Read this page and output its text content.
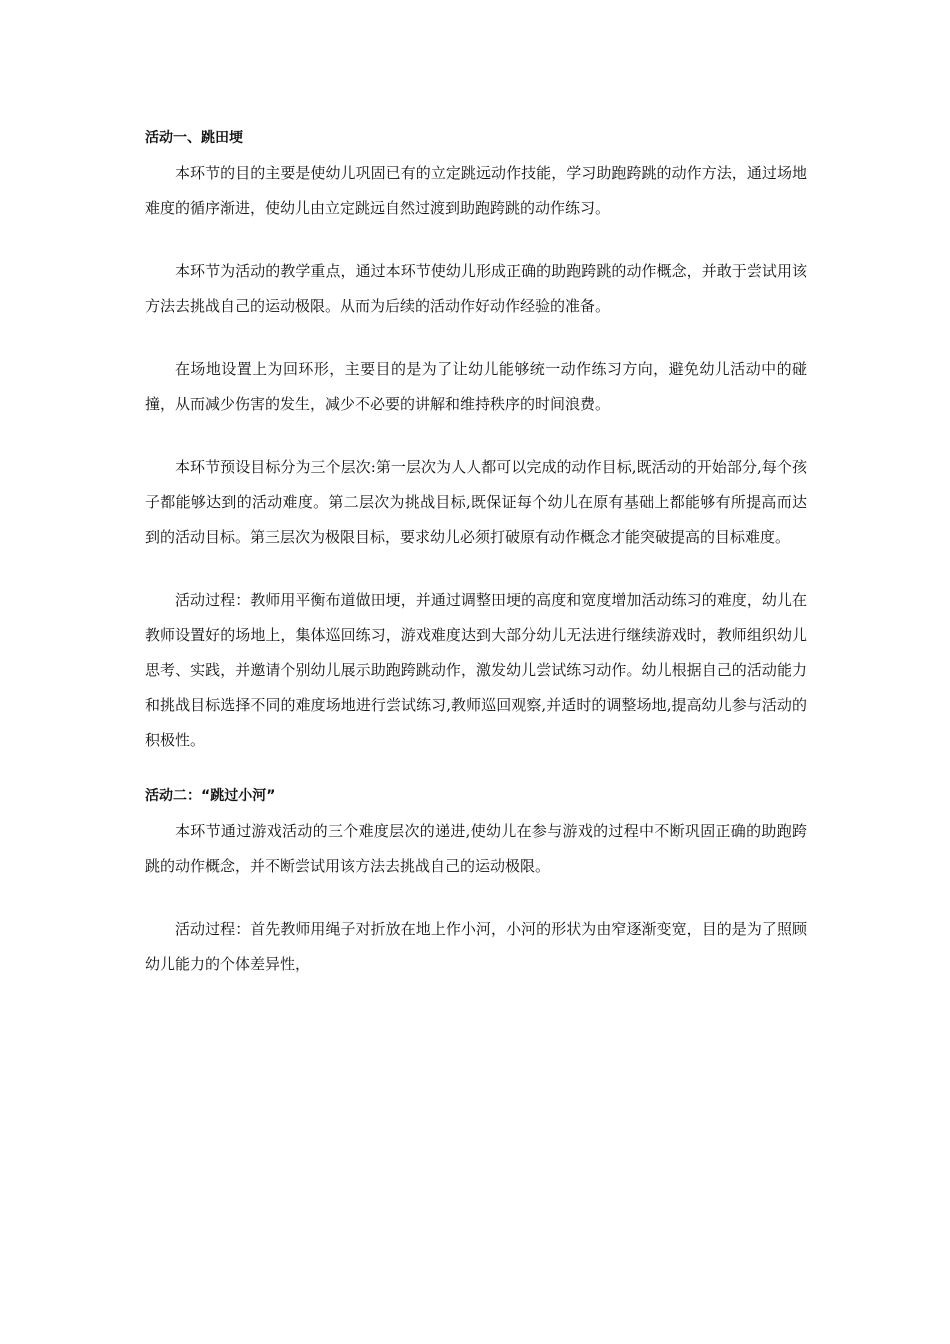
活动一、跳田埂

本环节的目的主要是使幼儿巩固已有的立定跳远动作技能，学习助跑跨跳的动作方法，通过场地难度的循序渐进，使幼儿由立定跳远自然过渡到助跑跨跳的动作练习。

本环节为活动的教学重点，通过本环节使幼儿形成正确的助跑跨跳的动作概念，并敢于尝试用该方法去挑战自己的运动极限。从而为后续的活动作好动作经验的准备。

在场地设置上为回环形，主要目的是为了让幼儿能够统一动作练习方向，避免幼儿活动中的碰撞，从而减少伤害的发生，减少不必要的讲解和维持秩序的时间浪费。

本环节预设目标分为三个层次:第一层次为人人都可以完成的动作目标,既活动的开始部分,每个孩子都能够达到的活动难度。第二层次为挑战目标,既保证每个幼儿在原有基础上都能够有所提高而达到的活动目标。第三层次为极限目标，要求幼儿必须打破原有动作概念才能突破提高的目标难度。

活动过程：教师用平衡布道做田埂，并通过调整田埂的高度和宽度增加活动练习的难度，幼儿在教师设置好的场地上，集体巡回练习，游戏难度达到大部分幼儿无法进行继续游戏时，教师组织幼儿思考、实践，并邀请个别幼儿展示助跑跨跳动作，激发幼儿尝试练习动作。幼儿根据自己的活动能力和挑战目标选择不同的难度场地进行尝试练习,教师巡回观察,并适时的调整场地,提高幼儿参与活动的积极性。

活动二：“跳过小河”

本环节通过游戏活动的三个难度层次的递进,使幼儿在参与游戏的过程中不断巩固正确的助跑跨跳的动作概念，并不断尝试用该方法去挑战自己的运动极限。

活动过程：首先教师用绳子对折放在地上作小河，小河的形状为由窄逐渐变宽，目的是为了照顾幼儿能力的个体差异性，
